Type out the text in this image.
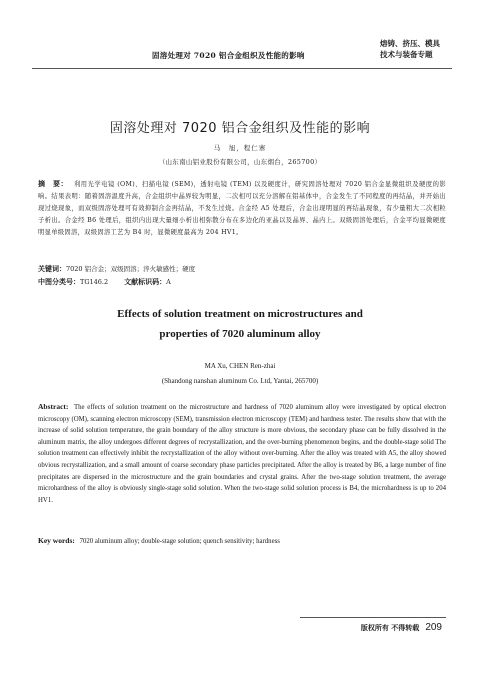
固溶处理对 7020 铝合金组织及性能的影响
熔铸、挤压、模具
技术与装备专题
固溶处理对 7020 铝合金组织及性能的影响
马　旭，程仁寨
（山东南山铝业股份有限公司，山东烟台，265700）
摘　要： 利用光学电镜 (OM)、扫描电镜 (SEM)，透射电镜 (TEM) 以及硬度计，研究固溶处理对 7020 铝合金显微组织及硬度的影响。结果表明：随着固溶温度升高，合金组织中晶界较为明显，二次相可以充分溶解在铝基体中，合金发生了不同程度的再结晶，并开始出现过烧现象，而双级固溶处理可有效抑制合金再结晶，不发生过烧。合金经 A5 处理后，合金出现明显的再结晶现象，有少量粗大二次相粒子析出。合金经 B6 处理后，组织内出现大量细小析出相弥散分布在多边化的亚晶以及晶界、晶内上。双级固溶处理后，合金平均显微硬度明显单级固溶，双级固溶工艺为 B4 时，显微硬度最高为 204 HV1。
关键词：7020 铝合金；双级固溶；淬火敏感性；硬度
中图分类号：TG146.2 文献标识码：A
Effects of solution treatment on microstructures and
properties of 7020 aluminum alloy
MA Xu, CHEN Ren-zhai
(Shandong nanshan aluminum Co. Ltd, Yantai, 265700)
Abstract: The effects of solution treatment on the microstructure and hardness of 7020 aluminum alloy were investigated by optical electron microscopy (OM), scanning electron microscopy (SEM), transmission electron microscopy (TEM) and hardness tester. The results show that with the increase of solid solution temperature, the grain boundary of the alloy structure is more obvious, the secondary phase can be fully dissolved in the aluminum matrix, the alloy undergoes different degrees of recrystallization, and the over-burning phenomenon begins, and the double-stage solid The solution treatment can effectively inhibit the recrystallization of the alloy without over-burning. After the alloy was treated with A5, the alloy showed obvious recrystallization, and a small amount of coarse secondary phase particles precipitated. After the alloy is treated by B6, a large number of fine precipitates are dispersed in the microstructure and the grain boundaries and crystal grains. After the two-stage solution treatment, the average microhardness of the alloy is obviously single-stage solid solution. When the two-stage solid solution process is B4, the microhardness is up to 204 HV1.
Key words: 7020 aluminum alloy; double-stage solution; quench sensitivity; hardness
版权所有 不得转载 209
